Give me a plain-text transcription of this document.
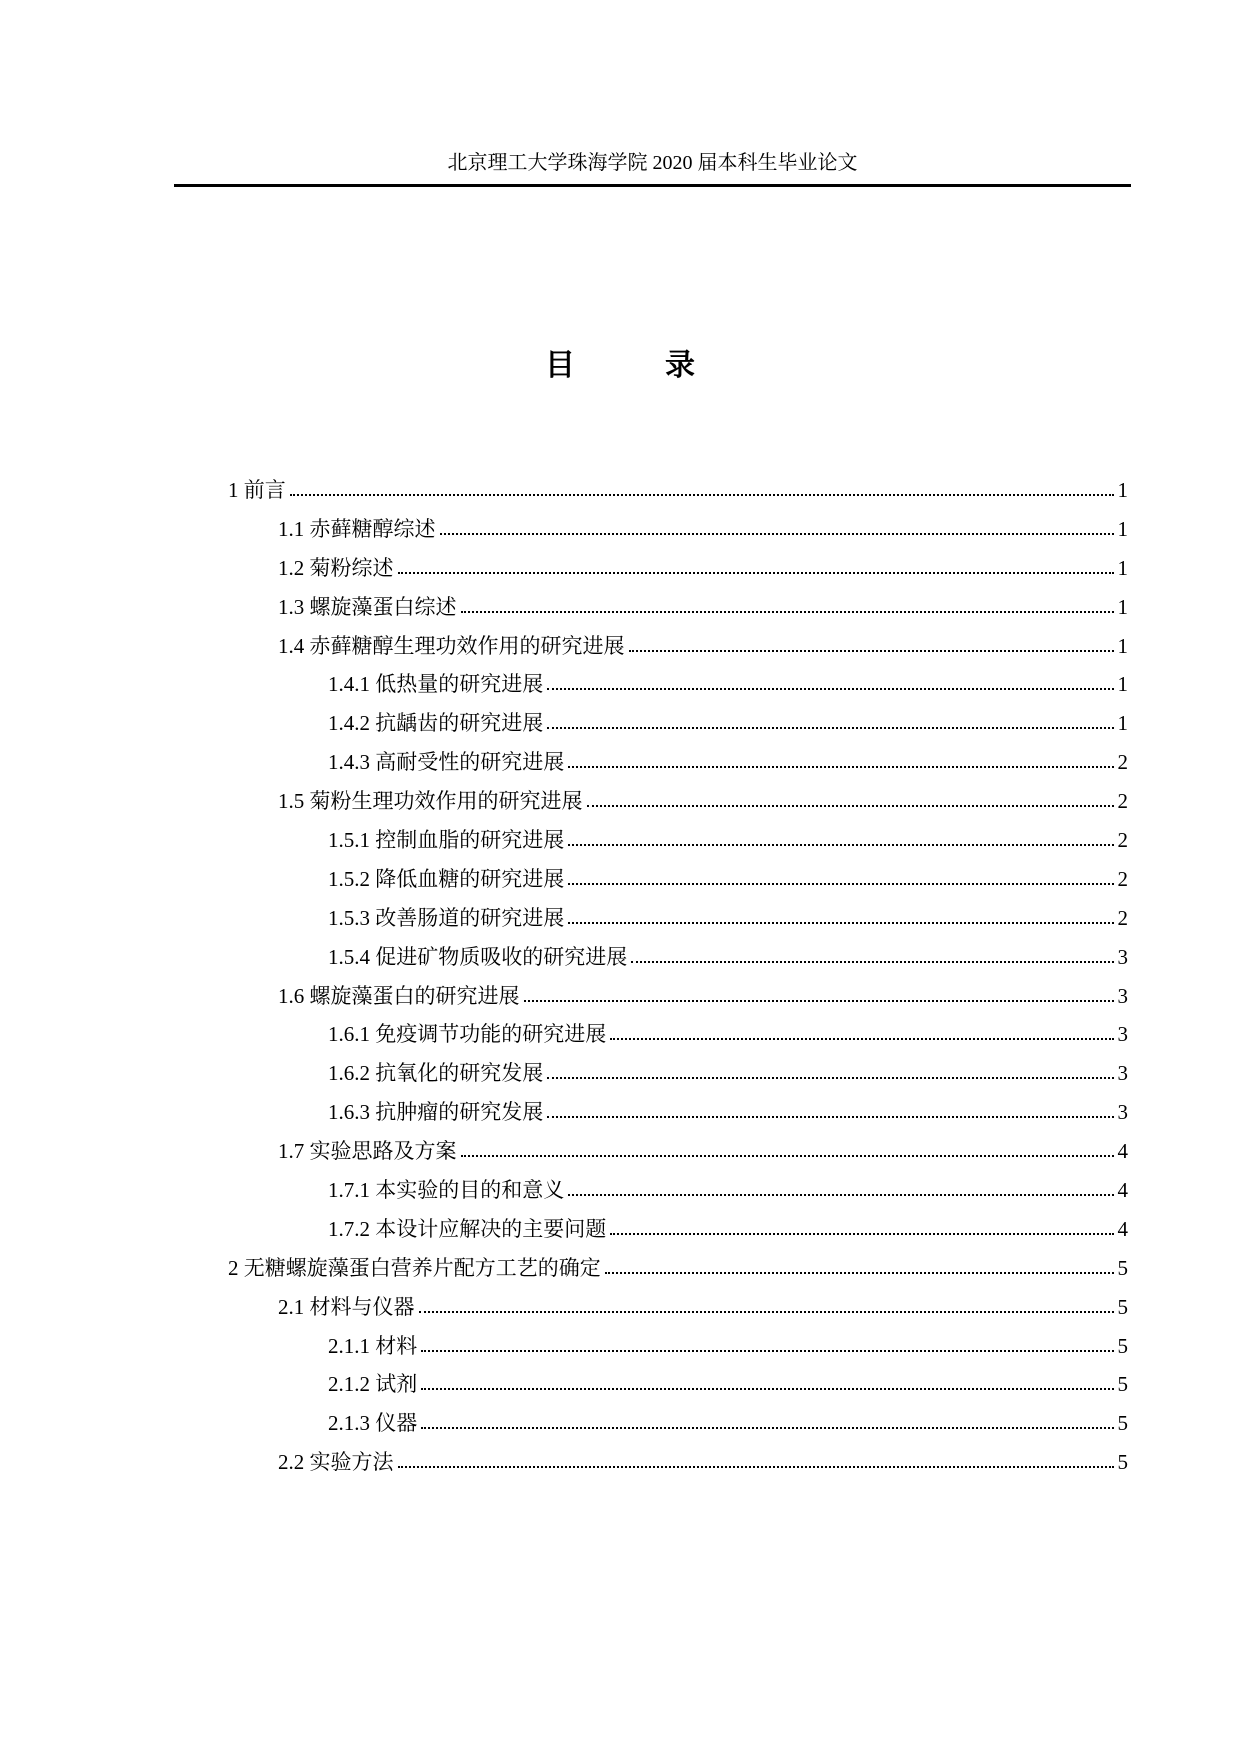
北京理工大学珠海学院 2020 届本科生毕业论文
目　录
1 前言	1
1.1 赤藓糖醇综述	1
1.2 菊粉综述	1
1.3 螺旋藻蛋白综述	1
1.4 赤藓糖醇生理功效作用的研究进展	1
1.4.1 低热量的研究进展	1
1.4.2 抗龋齿的研究进展	1
1.4.3 高耐受性的研究进展	2
1.5 菊粉生理功效作用的研究进展	2
1.5.1 控制血脂的研究进展	2
1.5.2 降低血糖的研究进展	2
1.5.3 改善肠道的研究进展	2
1.5.4 促进矿物质吸收的研究进展	3
1.6 螺旋藻蛋白的研究进展	3
1.6.1 免疫调节功能的研究进展	3
1.6.2 抗氧化的研究发展	3
1.6.3 抗肿瘤的研究发展	3
1.7 实验思路及方案	4
1.7.1 本实验的目的和意义	4
1.7.2 本设计应解决的主要问题	4
2 无糖螺旋藻蛋白营养片配方工艺的确定	5
2.1 材料与仪器	5
2.1.1 材料	5
2.1.2 试剂	5
2.1.3 仪器	5
2.2 实验方法	5
